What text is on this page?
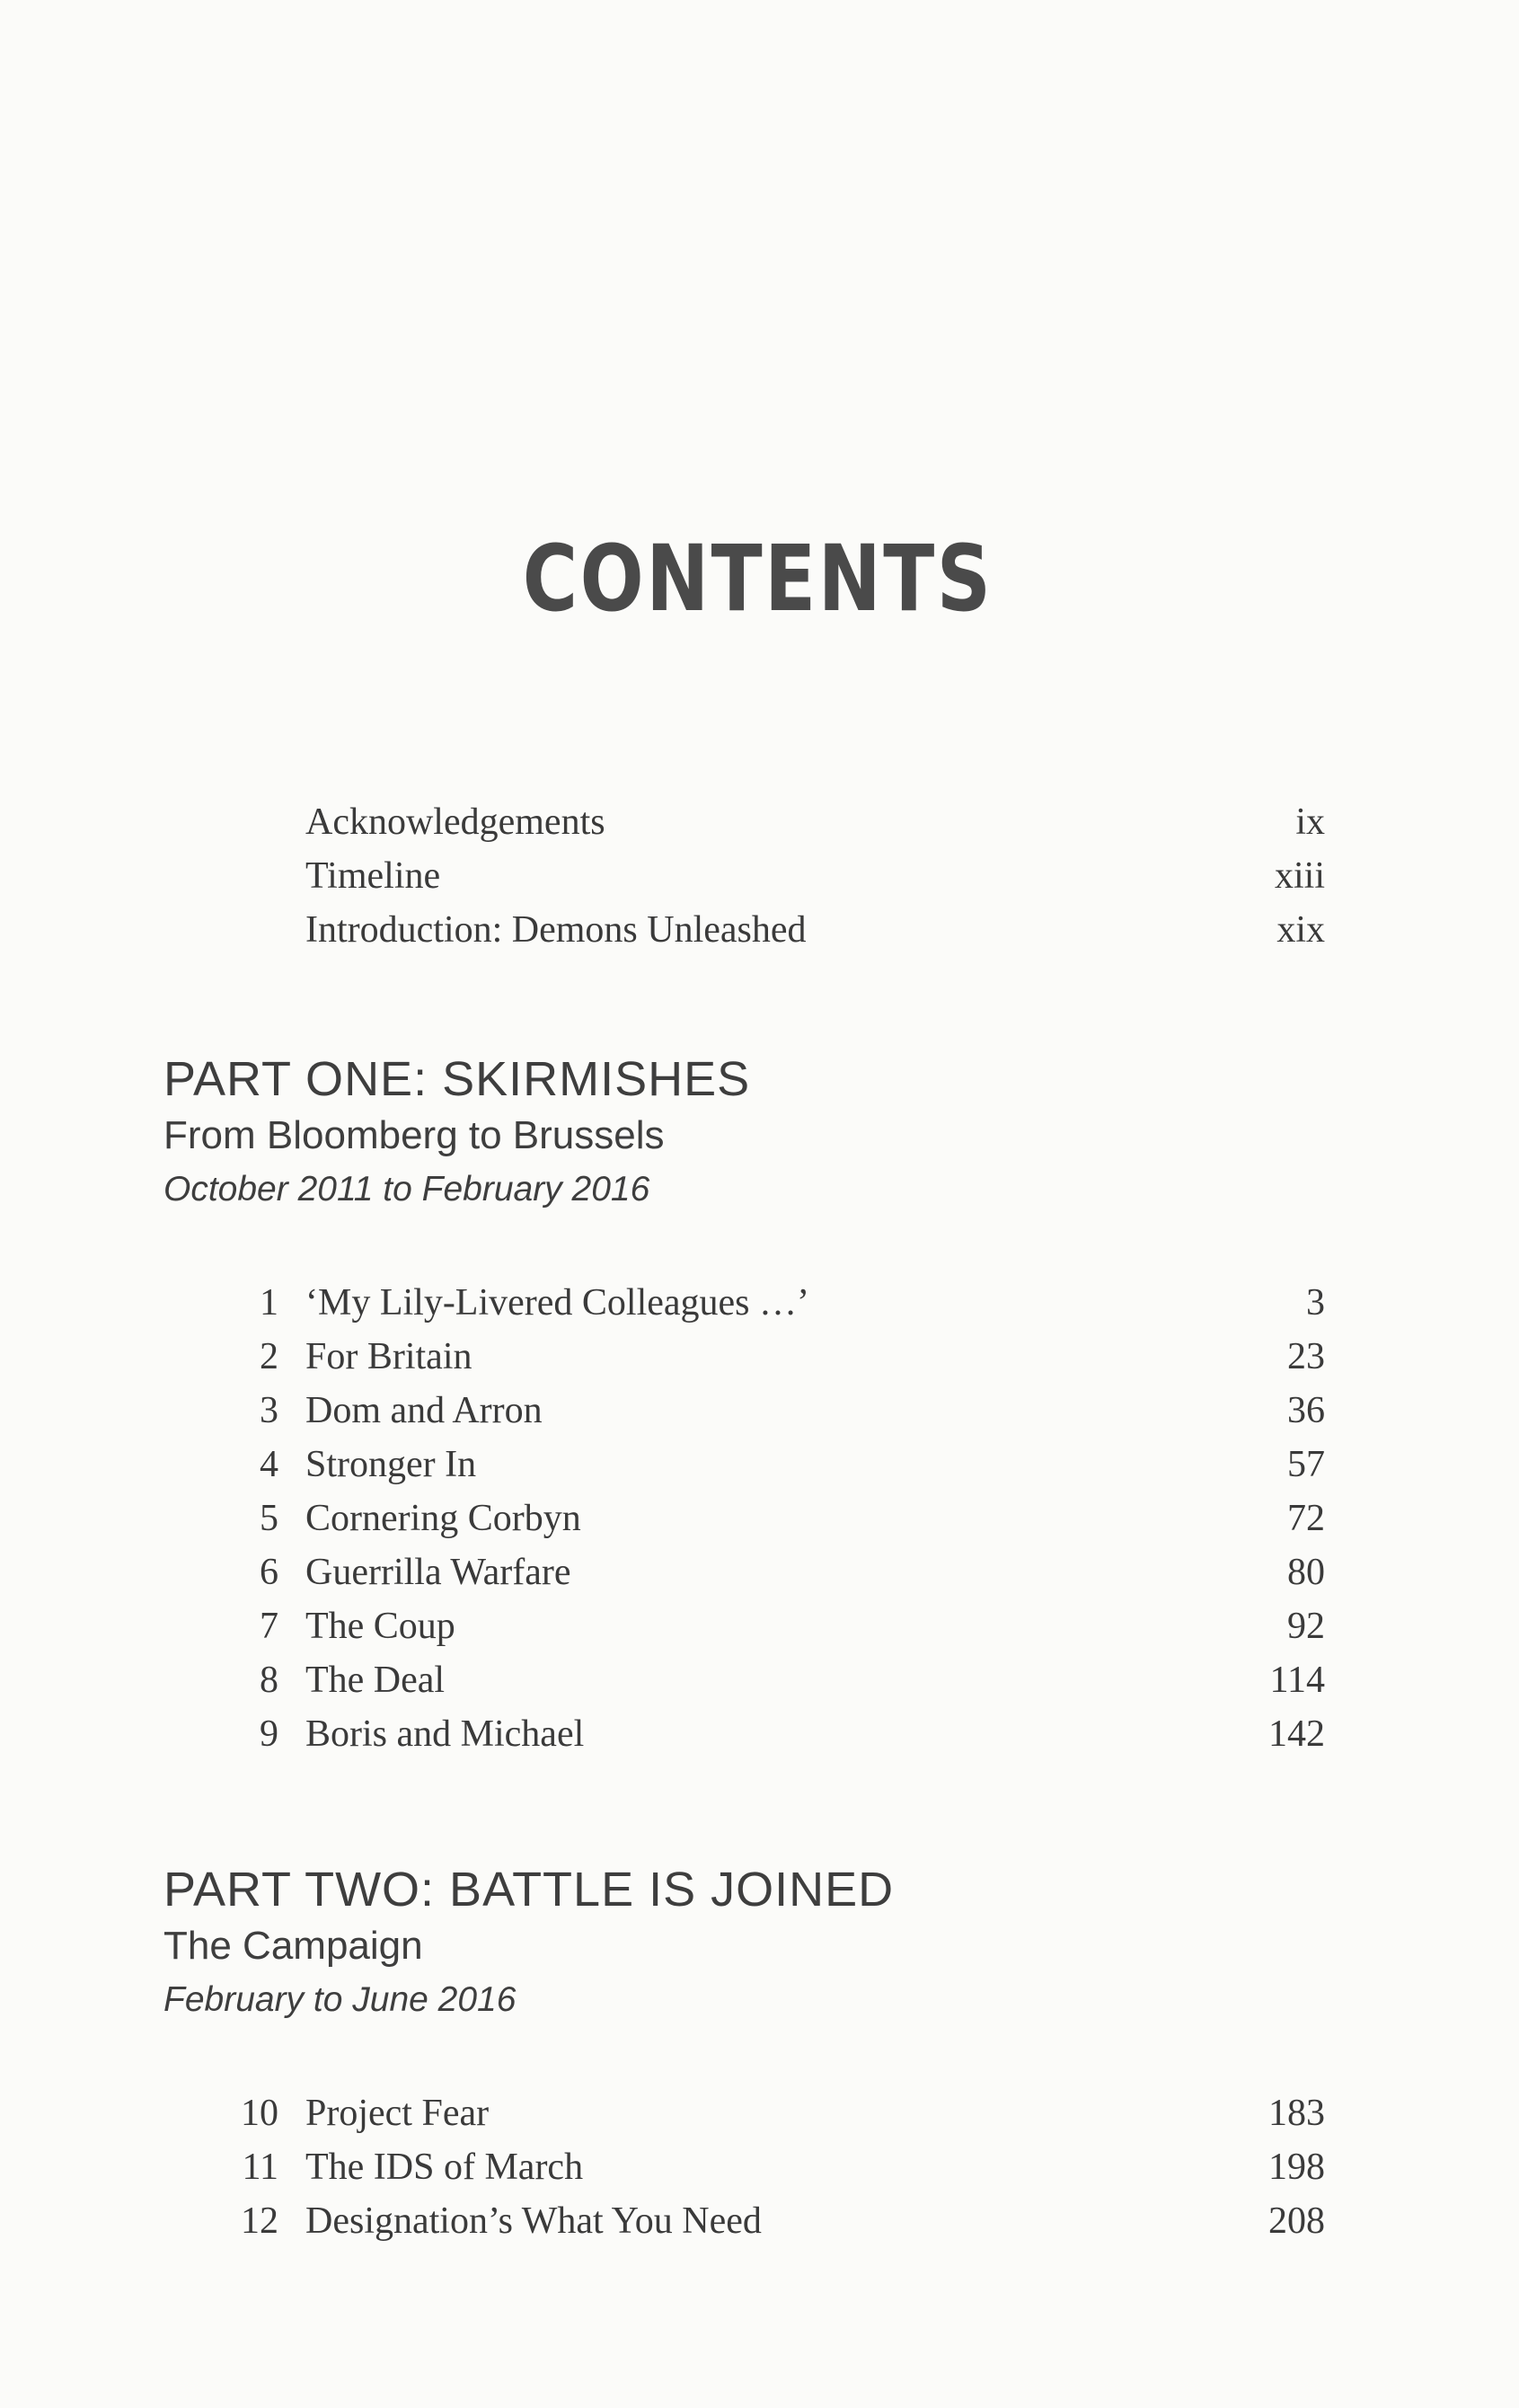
CONTENTS
Acknowledgements	ix
Timeline	xiii
Introduction: Demons Unleashed	xix
PART ONE: SKIRMISHES
From Bloomberg to Brussels
October 2011 to February 2016
1 ‘My Lily-Livered Colleagues …’	3
2 For Britain	23
3 Dom and Arron	36
4 Stronger In	57
5 Cornering Corbyn	72
6 Guerrilla Warfare	80
7 The Coup	92
8 The Deal	114
9 Boris and Michael	142
PART TWO: BATTLE IS JOINED
The Campaign
February to June 2016
10 Project Fear	183
11 The IDS of March	198
12 Designation’s What You Need	208
